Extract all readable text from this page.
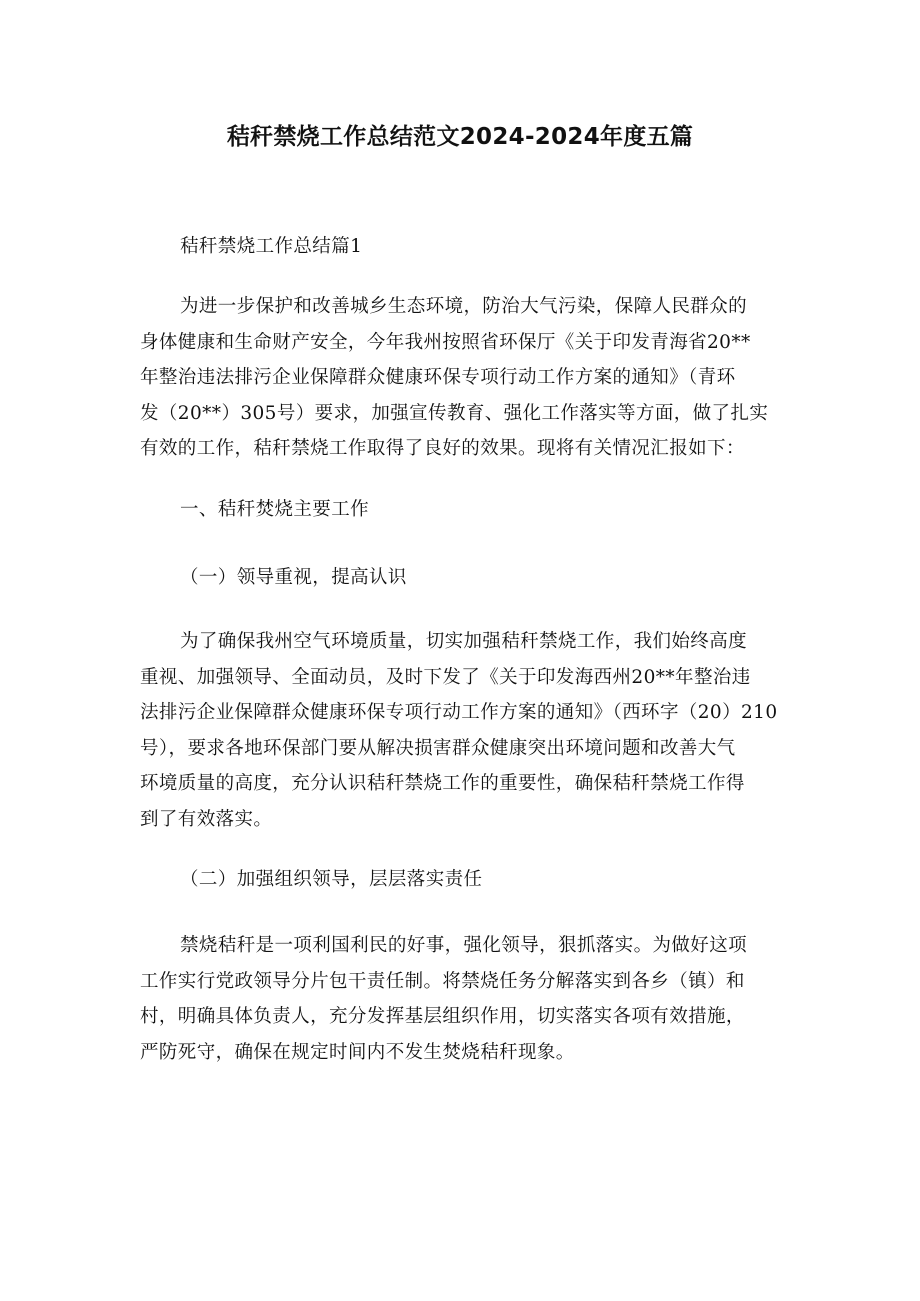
秸秆禁烧工作总结范文2024-2024年度五篇
秸秆禁烧工作总结篇1
为进一步保护和改善城乡生态环境，防治大气污染，保障人民群众的
身体健康和生命财产安全，今年我州按照省环保厅《关于印发青海省20**
年整治违法排污企业保障群众健康环保专项行动工作方案的通知》（青环
发（20**）305号）要求，加强宣传教育、强化工作落实等方面，做了扎实
有效的工作，秸秆禁烧工作取得了良好的效果。现将有关情况汇报如下：
一、秸秆焚烧主要工作
（一）领导重视，提高认识
为了确保我州空气环境质量，切实加强秸秆禁烧工作，我们始终高度
重视、加强领导、全面动员，及时下发了《关于印发海西州20**年整治违
法排污企业保障群众健康环保专项行动工作方案的通知》（西环字（20）210
号），要求各地环保部门要从解决损害群众健康突出环境问题和改善大气
环境质量的高度，充分认识秸秆禁烧工作的重要性，确保秸秆禁烧工作得
到了有效落实。
（二）加强组织领导，层层落实责任
禁烧秸秆是一项利国利民的好事，强化领导，狠抓落实。为做好这项
工作实行党政领导分片包干责任制。将禁烧任务分解落实到各乡（镇）和
村，明确具体负责人，充分发挥基层组织作用，切实落实各项有效措施，
严防死守，确保在规定时间内不发生焚烧秸秆现象。
